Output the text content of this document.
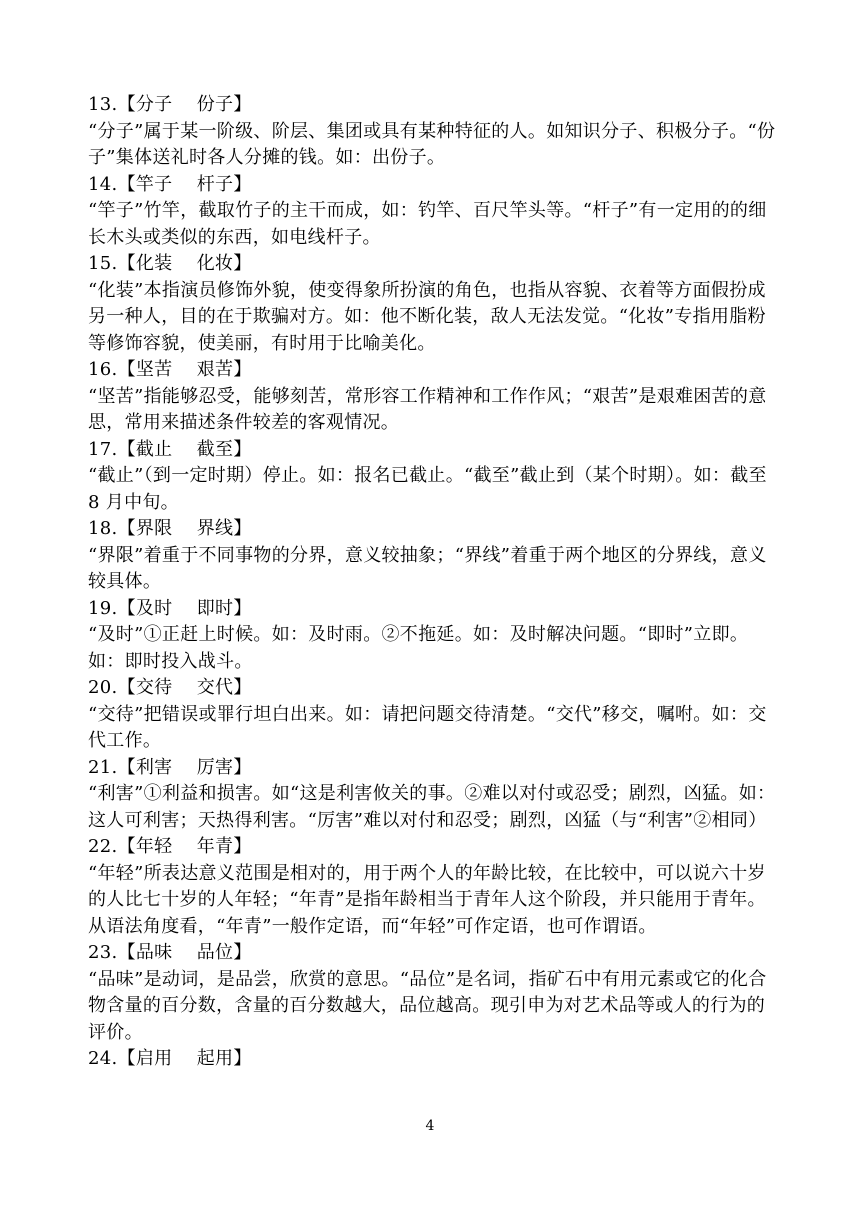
13.【分子　 份子】

“分子”属于某一阶级、阶层、集团或具有某种特征的人。如知识分子、积极分子。“份子”集体送礼时各人分摊的钱。如：出份子。

14.【竿子　 杆子】

“竿子”竹竿，截取竹子的主干而成，如：钓竿、百尺竿头等。“杆子”有一定用的的细长木头或类似的东西，如电线杆子。

15.【化装　 化妆】

“化装”本指演员修饰外貌，使变得象所扮演的角色，也指从容貌、衣着等方面假扮成另一种人，目的在于欺骗对方。如：他不断化装，敌人无法发觉。“化妆”专指用脂粉等修饰容貌，使美丽，有时用于比喻美化。

16.【坚苦　 艰苦】

“坚苦”指能够忍受，能够刻苦，常形容工作精神和工作作风；“艰苦”是艰难困苦的意思，常用来描述条件较差的客观情况。

17.【截止　 截至】

“截止”（到一定时期）停止。如：报名已截止。“截至”截止到（某个时期）。如：截至 8 月中旬。

18.【界限　 界线】

“界限”着重于不同事物的分界，意义较抽象；“界线”着重于两个地区的分界线，意义较具体。

19.【及时　 即时】

“及时”①正赶上时候。如：及时雨。②不拖延。如：及时解决问题。“即时”立即。如：即时投入战斗。

20.【交待　 交代】

“交待”把错误或罪行坦白出来。如：请把问题交待清楚。“交代”移交，嘱咐。如：交代工作。

21.【利害　 厉害】

“利害”①利益和损害。如“这是利害攸关的事。②难以对付或忍受；剧烈，凶猛。如：这人可利害；天热得利害。“厉害”难以对付和忍受；剧烈，凶猛（与“利害”②相同）

22.【年轻　 年青】

“年轻”所表达意义范围是相对的，用于两个人的年龄比较，在比较中，可以说六十岁的人比七十岁的人年轻；“年青”是指年龄相当于青年人这个阶段，并只能用于青年。从语法角度看，“年青”一般作定语，而“年轻”可作定语，也可作谓语。

23.【品味　 品位】

“品味”是动词，是品尝，欣赏的意思。“品位”是名词，指矿石中有用元素或它的化合物含量的百分数，含量的百分数越大，品位越高。现引申为对艺术品等或人的行为的评价。

24.【启用　 起用】

4
